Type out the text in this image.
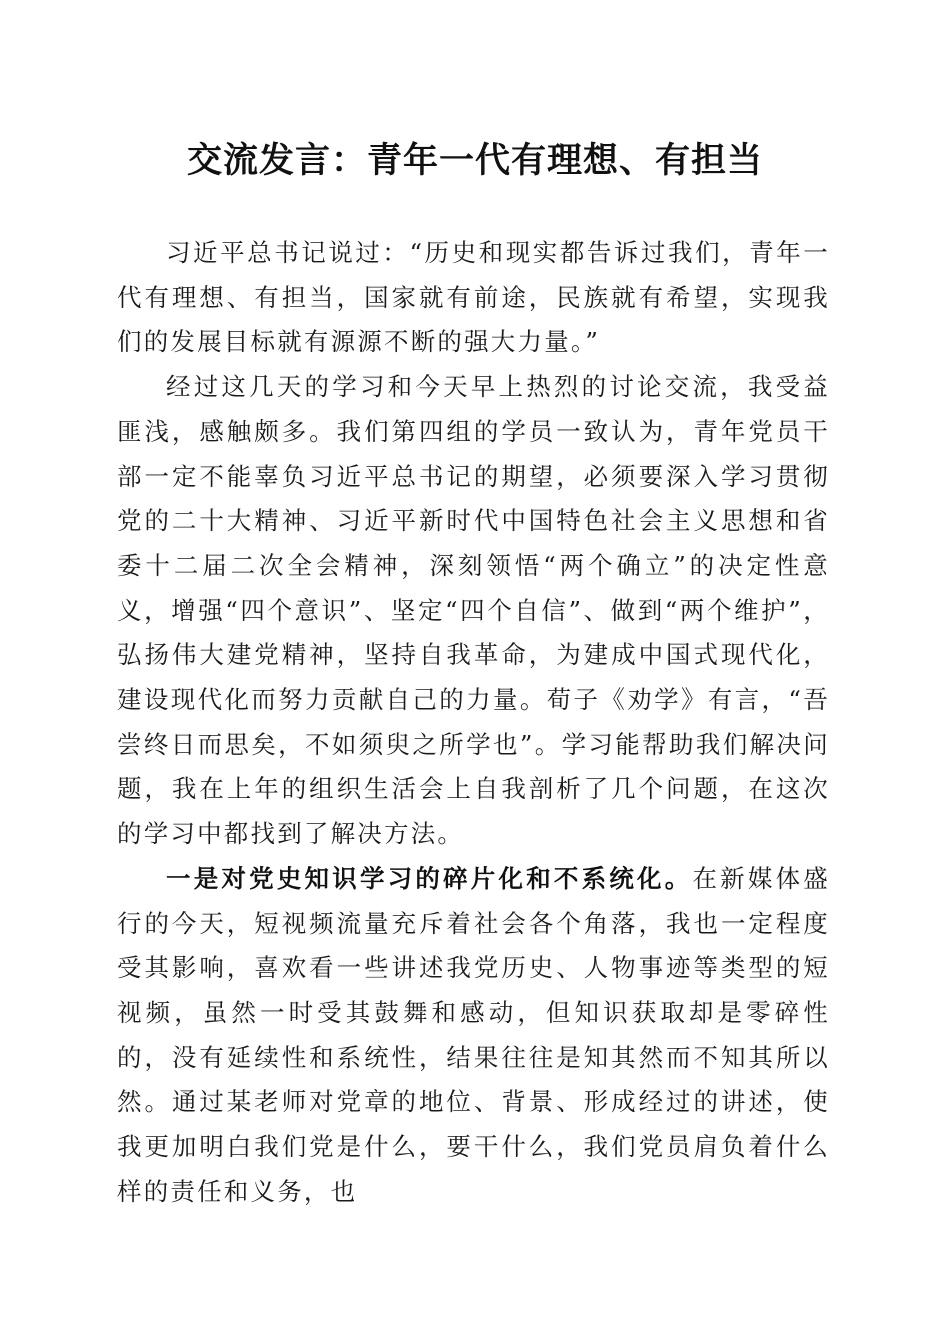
交流发言：青年一代有理想、有担当

习近平总书记说过：“历史和现实都告诉过我们，青年一代有理想、有担当，国家就有前途，民族就有希望，实现我们的发展目标就有源源不断的强大力量。”

经过这几天的学习和今天早上热烈的讨论交流，我受益匪浅，感触颇多。我们第四组的学员一致认为，青年党员干部一定不能辜负习近平总书记的期望，必须要深入学习贯彻党的二十大精神、习近平新时代中国特色社会主义思想和省委十二届二次全会精神，深刻领悟“两个确立”的决定性意义，增强“四个意识”、坚定“四个自信”、做到“两个维护”，弘扬伟大建党精神，坚持自我革命，为建成中国式现代化，建设现代化而努力贡献自己的力量。荀子《劝学》有言，“吾尝终日而思矣，不如须臾之所学也”。学习能帮助我们解决问题，我在上年的组织生活会上自我剖析了几个问题，在这次的学习中都找到了解决方法。

一是对党史知识学习的碎片化和不系统化。在新媒体盛行的今天，短视频流量充斥着社会各个角落，我也一定程度受其影响，喜欢看一些讲述我党历史、人物事迹等类型的短视频，虽然一时受其鼓舞和感动，但知识获取却是零碎性的，没有延续性和系统性，结果往往是知其然而不知其所以然。通过某老师对党章的地位、背景、形成经过的讲述，使我更加明白我们党是什么，要干什么，我们党员肩负着什么样的责任和义务，也
